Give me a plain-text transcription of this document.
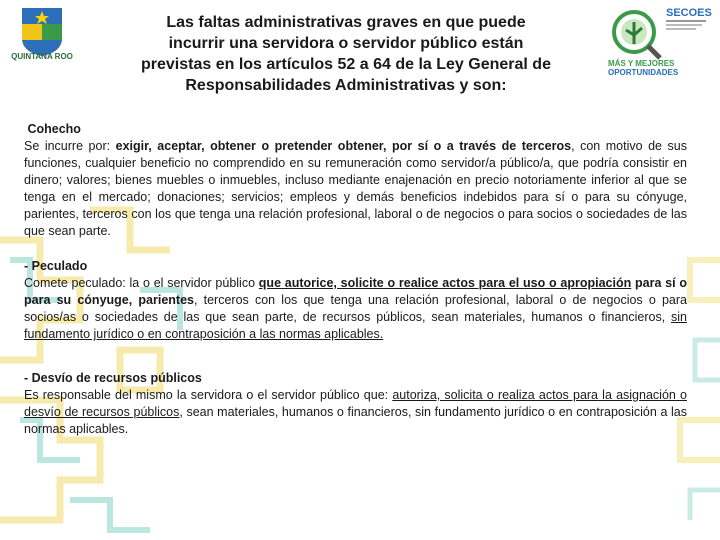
QUINTANA ROO
SECOES
MÁS Y MEJORES
OPORTUNIDADES
Las faltas administrativas graves en que puede
incurrir una servidora o servidor público están
previstas en los artículos 52 a 64 de la Ley General de
Responsabilidades Administrativas y son:

Cohecho

Se incurre por: exigir, aceptar, obtener o pretender obtener, por sí o a través de terceros, con motivo de sus funciones, cualquier beneficio no comprendido en su remuneración como servidor/a público/a, que podría consistir en dinero; valores; bienes muebles o inmuebles, incluso mediante enajenación en precio notoriamente inferior al que se tenga en el mercado; donaciones; servicios; empleos y demás beneficios indebidos para sí o para su cónyuge, parientes, terceros con los que tenga una relación profesional, laboral o de negocios o para socios o sociedades de las que sean parte.

- Peculado

Comete peculado: la o el servidor público que autorice, solicite o realice actos para el uso o apropiación para sí o para su cónyuge, parientes, terceros con los que tenga una relación profesional, laboral o de negocios o para socios/as o sociedades de las que sean parte, de recursos públicos, sean materiales, humanos o financieros, sin fundamento jurídico o en contraposición a las normas aplicables.

- Desvío de recursos públicos

Es responsable del mismo la servidora o el servidor público que: autoriza, solicita o realiza actos para la asignación o desvío de recursos públicos, sean materiales, humanos o financieros, sin fundamento jurídico o en contraposición a las normas aplicables.
